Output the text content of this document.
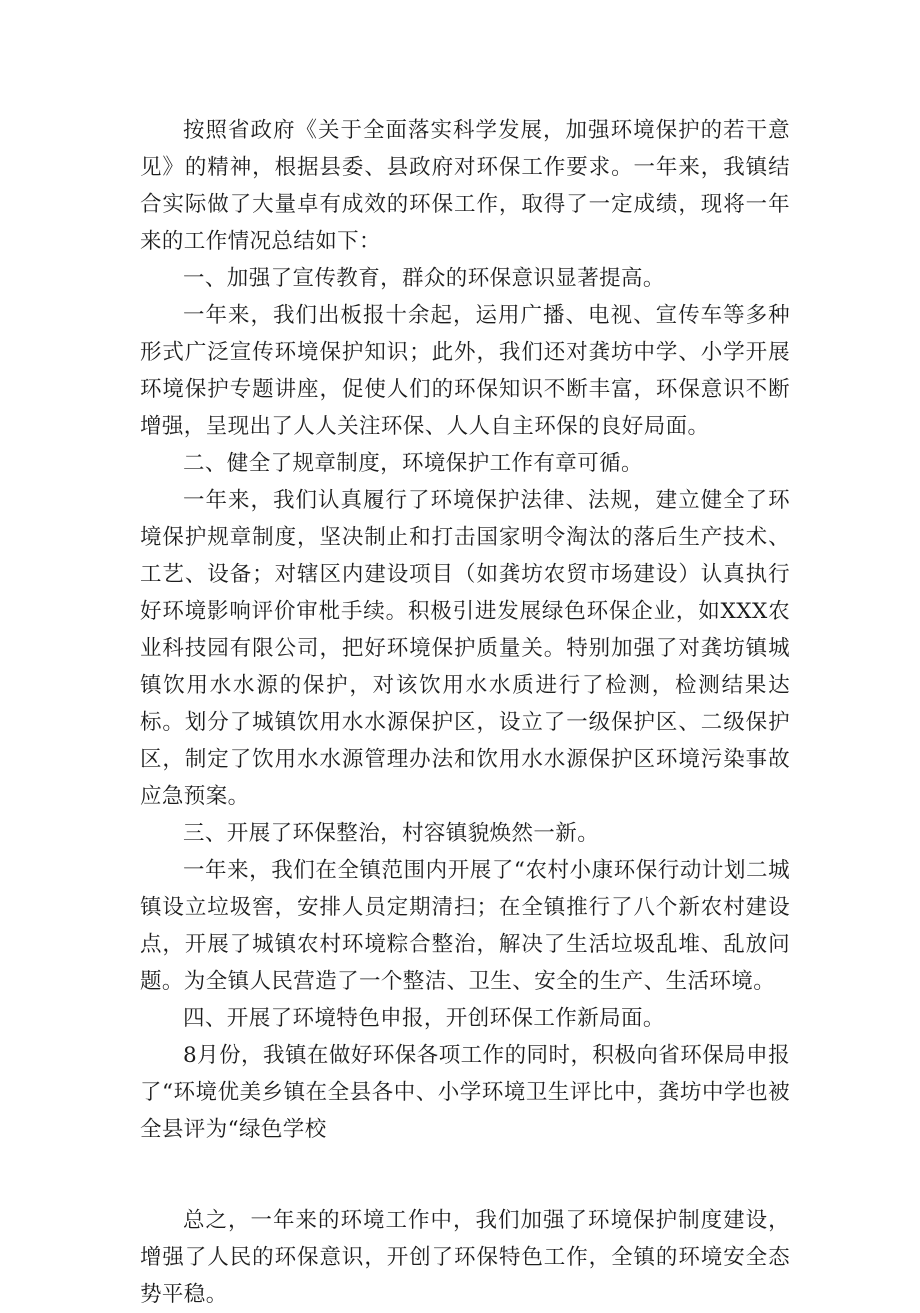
按照省政府《关于全面落实科学发展，加强环境保护的若干意见》的精神，根据县委、县政府对环保工作要求。一年来，我镇结合实际做了大量卓有成效的环保工作，取得了一定成绩，现将一年来的工作情况总结如下：

一、加强了宣传教育，群众的环保意识显著提高。

一年来，我们出板报十余起，运用广播、电视、宣传车等多种形式广泛宣传环境保护知识；此外，我们还对龚坊中学、小学开展环境保护专题讲座，促使人们的环保知识不断丰富，环保意识不断增强，呈现出了人人关注环保、人人自主环保的良好局面。

二、健全了规章制度，环境保护工作有章可循。

一年来，我们认真履行了环境保护法律、法规，建立健全了环境保护规章制度，坚决制止和打击国家明令淘汰的落后生产技术、工艺、设备；对辖区内建设项目（如龚坊农贸市场建设）认真执行好环境影响评价审枇手续。积极引进发展绿色环保企业，如XXX农业科技园有限公司，把好环境保护质量关。特别加强了对龚坊镇城镇饮用水水源的保护，对该饮用水水质进行了检测，检测结果达标。划分了城镇饮用水水源保护区，设立了一级保护区、二级保护区，制定了饮用水水源管理办法和饮用水水源保护区环境污染事故应急预案。

三、开展了环保整治，村容镇貌焕然一新。

一年来，我们在全镇范围内开展了“农村小康环保行动计划二城镇设立垃圾窖，安排人员定期清扫；在全镇推行了八个新农村建设点，开展了城镇农村环境粽合整治，解决了生活垃圾乱堆、乱放问题。为全镇人民营造了一个整洁、卫生、安全的生产、生活环境。

四、开展了环境特色申报，开创环保工作新局面。

8月份，我镇在做好环保各项工作的同时，积极向省环保局申报了“环境优美乡镇在全县各中、小学环境卫生评比中，龚坊中学也被全县评为“绿色学校

总之，一年来的环境工作中，我们加强了环境保护制度建设，增强了人民的环保意识，开创了环保特色工作，全镇的环境安全态势平稳。
